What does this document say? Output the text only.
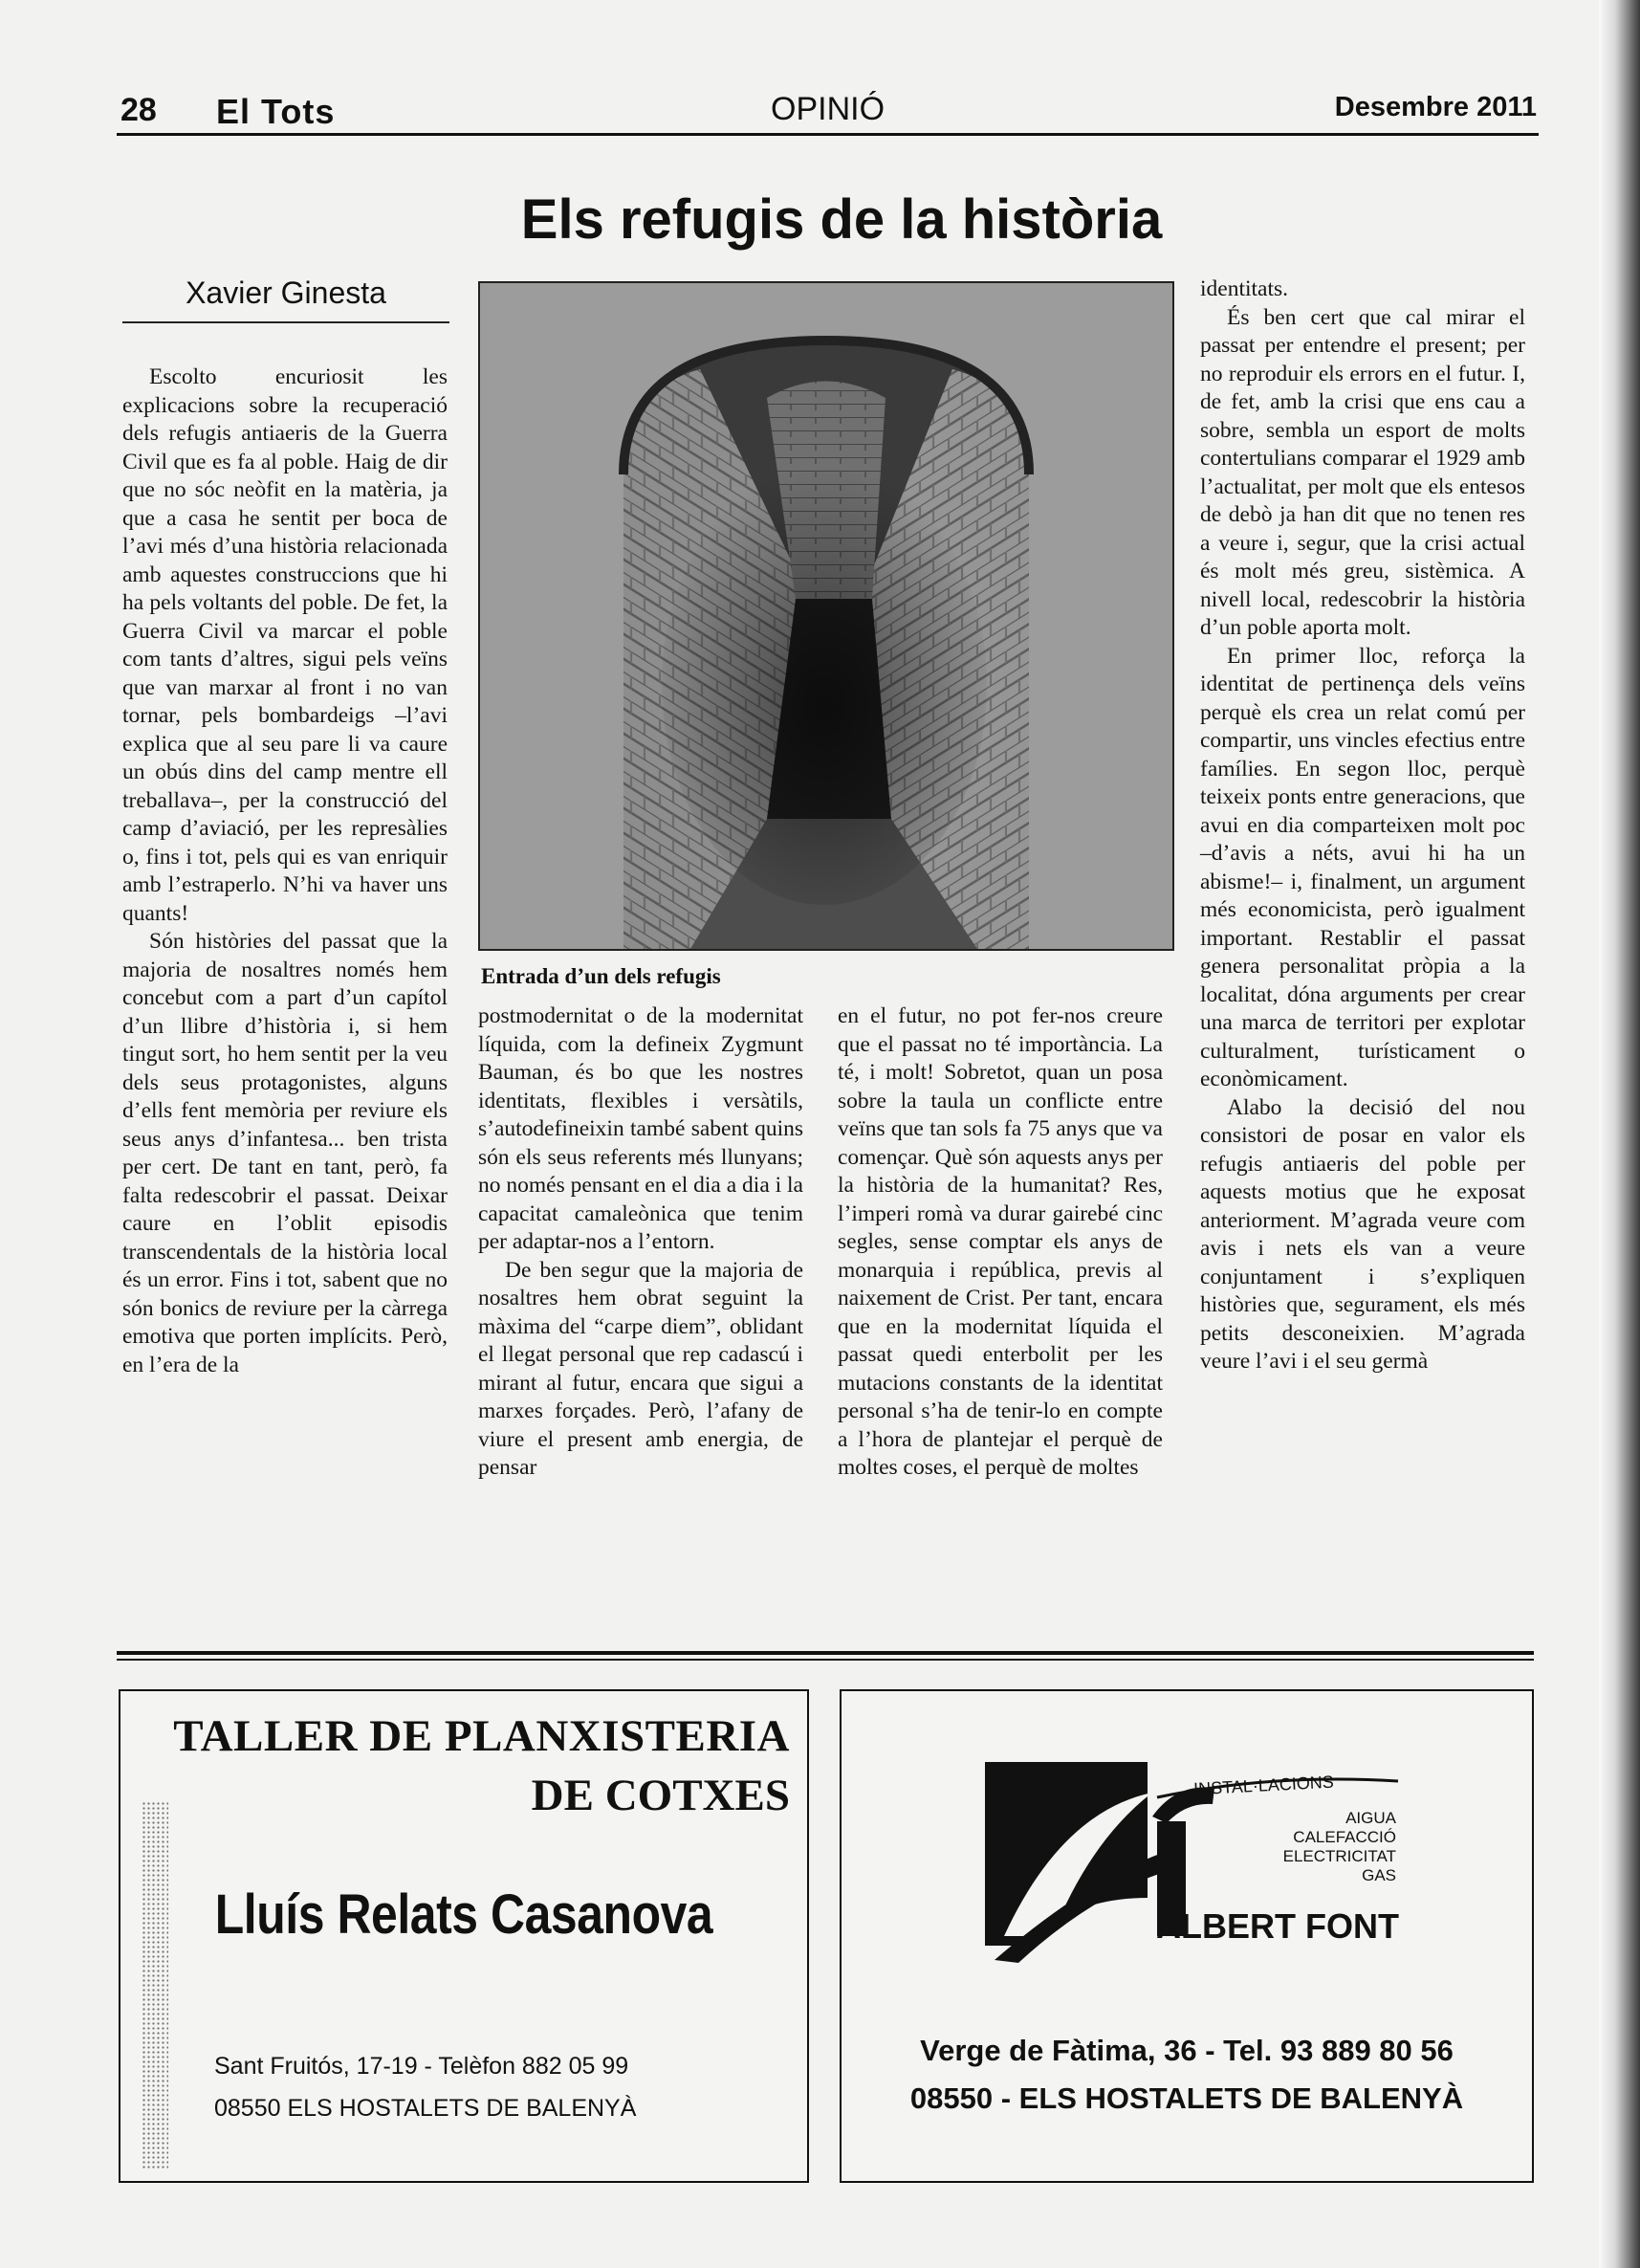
28 El Tots	OPINIÓ	Desembre 2011
Els refugis de la història
Xavier Ginesta
Entrada d’un dels refugis

Escolto encuriosit les explicacions sobre la recuperació dels refugis antiaeris de la Guerra Civil que es fa al poble. Haig de dir que no sóc neòfit en la matèria, ja que a casa he sentit per boca de l’avi més d’una història relacionada amb aquestes construccions que hi ha pels voltants del poble. De fet, la Guerra Civil va marcar el poble com tants d’altres, sigui pels veïns que van marxar al front i no van tornar, pels bombardeigs –l’avi explica que al seu pare li va caure un obús dins del camp mentre ell treballava–, per la construcció del camp d’aviació, per les represàlies o, fins i tot, pels qui es van enriquir amb l’estraperlo. N’hi va haver uns quants!

Són històries del passat que la majoria de nosaltres només hem concebut com a part d’un capítol d’un llibre d’història i, si hem tingut sort, ho hem sentit per la veu dels seus protagonistes, alguns d’ells fent memòria per reviure els seus anys d’infantesa... ben trista per cert. De tant en tant, però, fa falta redescobrir el passat. Deixar caure en l’oblit episodis transcendentals de la història local és un error. Fins i tot, sabent que no són bonics de reviure per la càrrega emotiva que porten implícits. Però, en l’era de la

postmodernitat o de la modernitat líquida, com la defineix Zygmunt Bauman, és bo que les nostres identitats, flexibles i versàtils, s’autodefineixin també sabent quins són els seus referents més llunyans; no només pensant en el dia a dia i la capacitat camaleònica que tenim per adaptar-nos a l’entorn.

De ben segur que la majoria de nosaltres hem obrat seguint la màxima del “carpe diem”, oblidant el llegat personal que rep cadascú i mirant al futur, encara que sigui a marxes forçades. Però, l’afany de viure el present amb energia, de pensar

en el futur, no pot fer-nos creure que el passat no té importància. La té, i molt! Sobretot, quan un posa sobre la taula un conflicte entre veïns que tan sols fa 75 anys que va començar. Què són aquests anys per la història de la humanitat? Res, l’imperi romà va durar gairebé cinc segles, sense comptar els anys de monarquia i república, previs al naixement de Crist. Per tant, encara que en la modernitat líquida el passat quedi enterbolit per les mutacions constants de la identitat personal s’ha de tenir-lo en compte a l’hora de plantejar el perquè de moltes coses, el perquè de moltes

identitats.

És ben cert que cal mirar el passat per entendre el present; per no reproduir els errors en el futur. I, de fet, amb la crisi que ens cau a sobre, sembla un esport de molts contertulians comparar el 1929 amb l’actualitat, per molt que els entesos de debò ja han dit que no tenen res a veure i, segur, que la crisi actual és molt més greu, sistèmica. A nivell local, redescobrir la història d’un poble aporta molt.

En primer lloc, reforça la identitat de pertinença dels veïns perquè els crea un relat comú per compartir, uns vincles efectius entre famílies. En segon lloc, perquè teixeix ponts entre generacions, que avui en dia comparteixen molt poc –d’avis a néts, avui hi ha un abisme!– i, finalment, un argument més economicista, però igualment important. Restablir el passat genera personalitat pròpia a la localitat, dóna arguments per crear una marca de territori per explotar culturalment, turísticament o econòmicament.

Alabo la decisió del nou consistori de posar en valor els refugis antiaeris del poble per aquests motius que he exposat anteriorment. M’agrada veure com avis i nets els van a veure conjuntament i s’expliquen històries que, segurament, els més petits desconeixien. M’agrada veure l’avi i el seu germà

TALLER DE PLANXISTERIA
DE COTXES
Lluís Relats Casanova
Sant Fruitós, 17-19 - Telèfon 882 05 99
08550 ELS HOSTALETS DE BALENYÀ
INSTAL·LACIONS
AIGUA
CALEFACCIÓ
ELECTRICITAT
GAS
ALBERT FONT
Verge de Fàtima, 36 - Tel. 93 889 80 56
08550 - ELS HOSTALETS DE BALENYÀ
